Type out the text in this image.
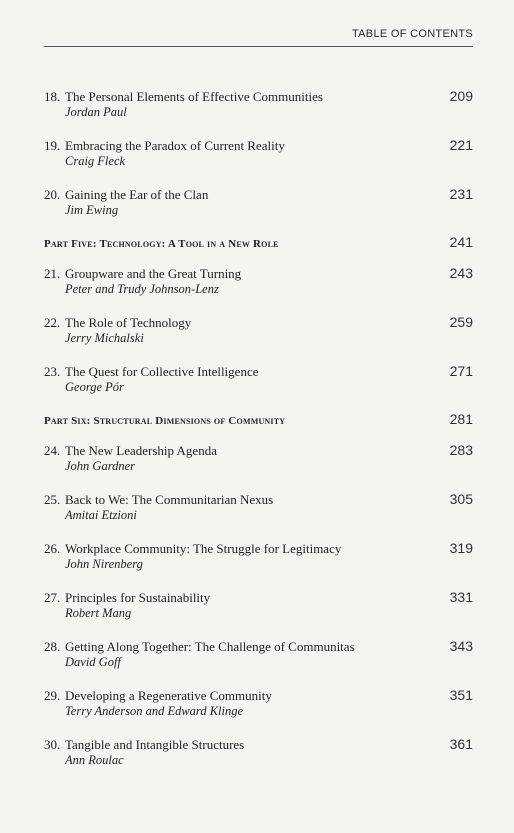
TABLE OF CONTENTS
18. The Personal Elements of Effective Communities	209
Jordan Paul
19. Embracing the Paradox of Current Reality	221
Craig Fleck
20. Gaining the Ear of the Clan	231
Jim Ewing
Part Five: Technology: A Tool in a New Role	241
21. Groupware and the Great Turning	243
Peter and Trudy Johnson-Lenz
22. The Role of Technology	259
Jerry Michalski
23. The Quest for Collective Intelligence	271
George Pór
Part Six: Structural Dimensions of Community	281
24. The New Leadership Agenda	283
John Gardner
25. Back to We: The Communitarian Nexus	305
Amitai Etzioni
26. Workplace Community: The Struggle for Legitimacy	319
John Nirenberg
27. Principles for Sustainability	331
Robert Mang
28. Getting Along Together: The Challenge of Communitas	343
David Goff
29. Developing a Regenerative Community	351
Terry Anderson and Edward Klinge
30. Tangible and Intangible Structures	361
Ann Roulac
